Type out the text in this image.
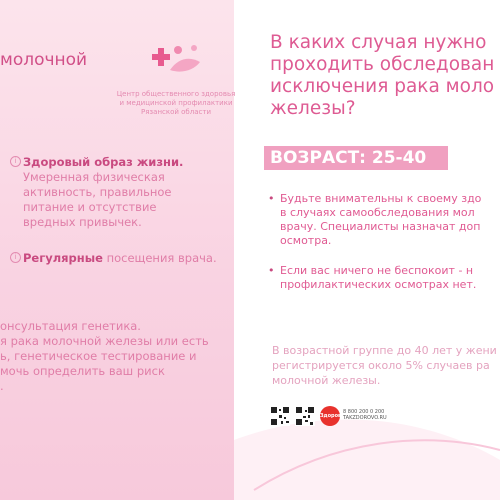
молочной
Центр общественного здоровья
и медицинской профилактики
Рязанской области
i Здоровый образ жизни.
Умеренная физическая
активность, правильное
питание и отсутствие
вредных привычек.
i Регулярные посещения врача.
онсультация генетика.
я рака молочной железы или есть
ь, генетическое тестирование и
мочь определить ваш риск
.
В каких случая нужно
проходить обследован
исключения рака моло
железы?
ВОЗРАСТ: 25-40
• Будьте внимательны к своему здо
в случаях самообследования мол
врачу. Специалисты назначат доп
осмотра.
• Если вас ничего не беспокоит - н
профилактических осмотрах нет.
В возрастной группе до 40 лет у жени
регистрируется около 5% случаев ра
молочной железы.
Здоровье
8 800 200 0 200
TAKZDOROVO.RU
